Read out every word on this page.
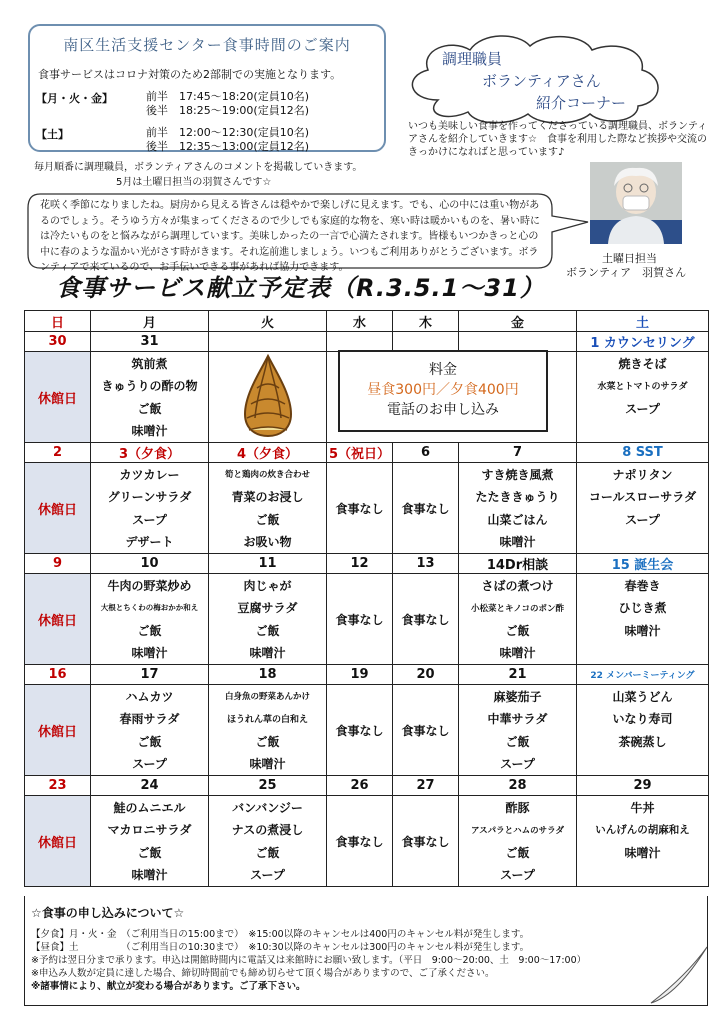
南区生活支援センター食事時間のご案内
食事サービスはコロナ対策のため2部制での実施となります。
【月・火・金】	前半　17:45～18:20(定員10名)
後半　18:25～19:00(定員12名)
【土】	前半　12:00～12:30(定員10名)
後半　12:35～13:00(定員12名)
毎月順番に調理職員，ボランティアさんのコメントを掲載していきます。
5月は土曜日担当の羽賀さんです☆
調理職員
ボランティアさん
紹介コーナー
いつも美味しい食事を作ってくださっている調理職員、ボランティアさんを紹介していきます☆　食事を利用した際など挨拶や交流のきっかけになればと思っています♪
花咲く季節になりましたね。厨房から見える皆さんは穏やかで楽しげに見えます。でも、心の中には重い物があるのでしょう。そうゆう方々が集まってくださるので少しでも家庭的な物を、寒い時は暖かいものを、暑い時には冷たいものをと悩みながら調理しています。美味しかったの一言で心満たされます。皆様もいつかきっと心の中に春のような温かい光がさす時がきます。それ迄前進しましょう。いつもご利用ありがとうございます。ボランティアで来ているので、お手伝いできる事があれば協力できます。
土曜日担当
ボランティア　羽賀さん
食事サービス献立予定表（R.3.5.1～31）
日	月	火	水	木	金	土
30	31					1 カウンセリング
休館日	筑前煮					焼きそば
	きゅうりの酢の物					水菜とトマトのサラダ
	ご飯					スープ
	味噌汁					
2	3（夕食）	4（夕食）	5（祝日）	6	7	8 SST
休館日	カツカレー	筍と鶏肉の炊き合わせ	食事なし	食事なし	すき焼き風煮	ナポリタン
	グリーンサラダ	青菜のお浸し			たたききゅうり	コールスローサラダ
	スープ	ご飯			山菜ごはん	スープ
	デザート	お吸い物			味噌汁	
9	10	11	12	13	14Dr相談	15 誕生会
休館日	牛肉の野菜炒め	肉じゃが	食事なし	食事なし	さばの煮つけ	春巻き
	大根とちくわの梅おかか和え	豆腐サラダ			小松菜とキノコのポン酢	ひじき煮
	ご飯	ご飯			ご飯	味噌汁
	味噌汁	味噌汁			味噌汁	
16	17	18	19	20	21	22 メンバーミーティング
休館日	ハムカツ	白身魚の野菜あんかけ	食事なし	食事なし	麻婆茄子	山菜うどん
	春雨サラダ	ほうれん草の白和え			中華サラダ	いなり寿司
	ご飯	ご飯			ご飯	茶碗蒸し
	スープ	味噌汁			スープ	
23	24	25	26	27	28	29
休館日	鮭のムニエル	バンバンジー	食事なし	食事なし	酢豚	牛丼
	マカロニサラダ	ナスの煮浸し			アスパラとハムのサラダ	いんげんの胡麻和え
	ご飯	ご飯			ご飯	味噌汁
	味噌汁	スープ			スープ	
料金
昼食300円／夕食400円
電話のお申し込み
☆食事の申し込みについて☆
【夕食】月・火・金　（ご利用当日の15:00まで）　※15:00以降のキャンセルは400円のキャンセル料が発生します。
【昼食】土　　　　　（ご利用当日の10:30まで）　※10:30以降のキャンセルは300円のキャンセル料が発生します。
※予約は翌日分まで承ります。申込は開館時間内に電話又は来館時にお願い致します。（平日　9:00～20:00、土　9:00～17:00）
※申込み人数が定員に達した場合、締切時間前でも締め切らせて頂く場合がありますので、ご了承ください。
※諸事情により、献立が変わる場合があります。ご了承下さい。
